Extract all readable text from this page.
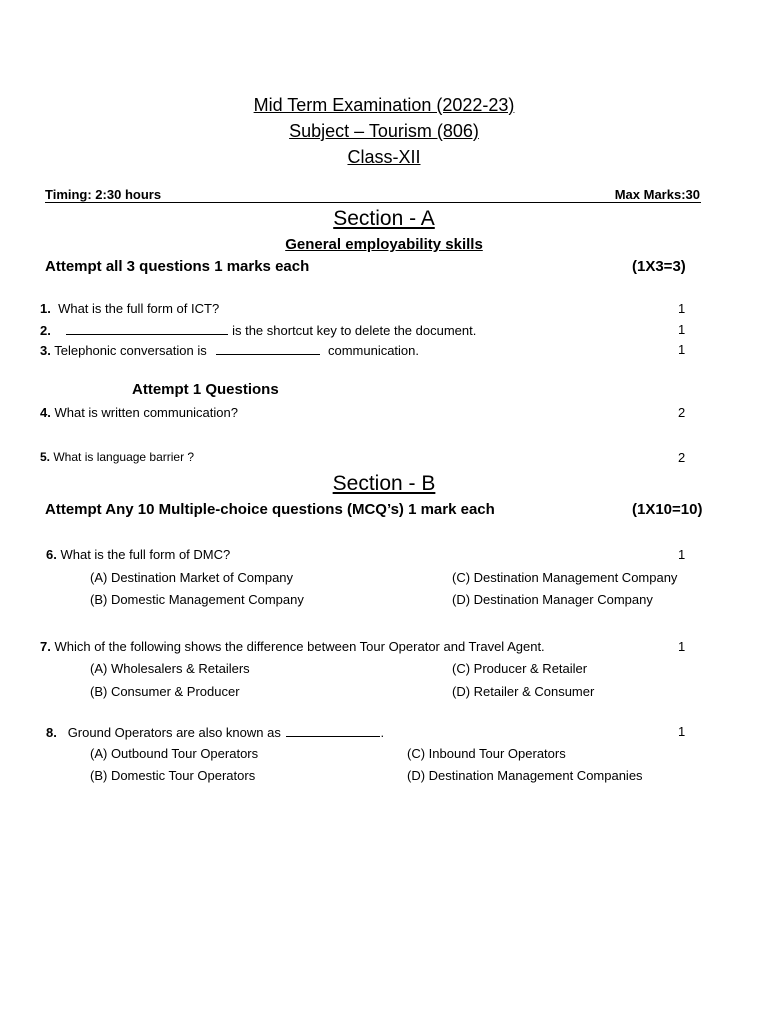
Mid Term Examination (2022-23)
Subject – Tourism (806)
Class-XII
Timing: 2:30 hours	Max Marks:30
Section - A
General employability skills
Attempt all 3 questions 1 marks each	(1X3=3)
1. What is the full form of ICT?	1
2.	is the shortcut key to delete the document.	1
3. Telephonic conversation is	communication.	1
Attempt 1 Questions
4. What is written communication?	2
5. What is language barrier ?	2
Section - B
Attempt Any 10 Multiple-choice questions (MCQ’s) 1 mark each	(1X10=10)
6. What is the full form of DMC?	1
(A) Destination Market of Company
(B) Domestic Management Company
(C) Destination Management Company
(D) Destination Manager Company
7. Which of the following shows the difference between Tour Operator and Travel Agent.	1
(A) Wholesalers & Retailers
(B) Consumer & Producer
(C) Producer & Retailer
(D) Retailer & Consumer
8. Ground Operators are also known as	.	1
(A) Outbound Tour Operators
(B) Domestic Tour Operators
(C) Inbound Tour Operators
(D) Destination Management Companies
